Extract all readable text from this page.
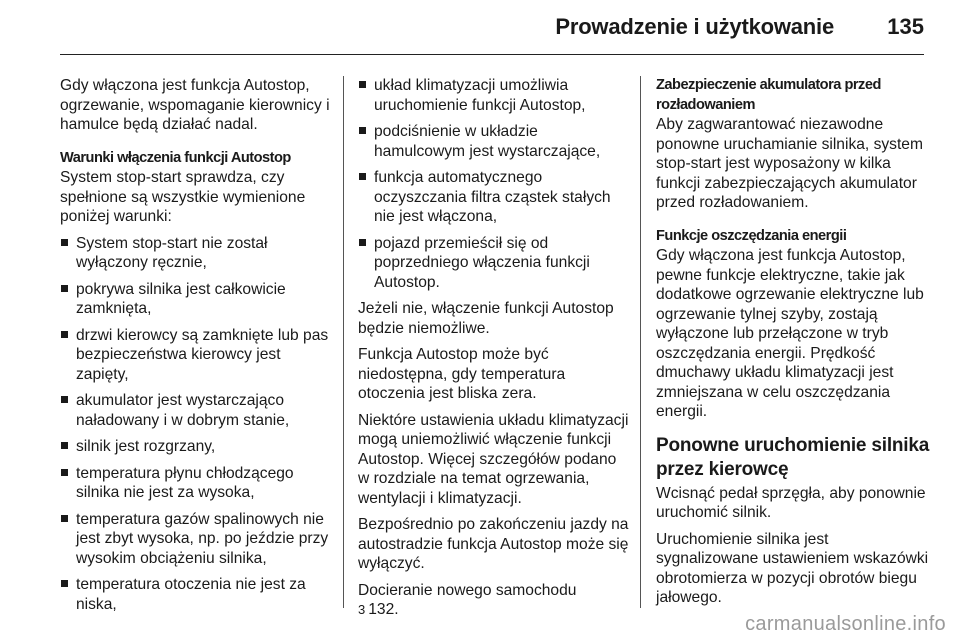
Prowadzenie i użytkowanie 135

Gdy włączona jest funkcja Autostop, ogrzewanie, wspomaganie kierownicy i hamulce będą działać nadal.

Warunki włączenia funkcji Autostop

System stop-start sprawdza, czy spełnione są wszystkie wymienione poniżej warunki:

System stop-start nie został wyłączony ręcznie,
pokrywa silnika jest całkowicie zamknięta,
drzwi kierowcy są zamknięte lub pas bezpieczeństwa kierowcy jest zapięty,
akumulator jest wystarczająco naładowany i w dobrym stanie,
silnik jest rozgrzany,
temperatura płynu chłodzącego silnika nie jest za wysoka,
temperatura gazów spalinowych nie jest zbyt wysoka, np. po jeździe przy wysokim obciążeniu silnika,
temperatura otoczenia nie jest za niska,
układ klimatyzacji umożliwia uruchomienie funkcji Autostop,
podciśnienie w układzie hamulcowym jest wystarczające,
funkcja automatycznego oczyszczania filtra cząstek stałych nie jest włączona,
pojazd przemieścił się od poprzedniego włączenia funkcji Autostop.

Jeżeli nie, włączenie funkcji Autostop będzie niemożliwe.

Funkcja Autostop może być niedostępna, gdy temperatura otoczenia jest bliska zera.

Niektóre ustawienia układu klimatyzacji mogą uniemożliwić włączenie funkcji Autostop. Więcej szczegółów podano w rozdziale na temat ogrzewania, wentylacji i klimatyzacji.

Bezpośrednio po zakończeniu jazdy na autostradzie funkcja Autostop może się wyłączyć.

Docieranie nowego samochodu
3 132.

Zabezpieczenie akumulatora przed rozładowaniem

Aby zagwarantować niezawodne ponowne uruchamianie silnika, system stop-start jest wyposażony w kilka funkcji zabezpieczających akumulator przed rozładowaniem.

Funkcje oszczędzania energii

Gdy włączona jest funkcja Autostop, pewne funkcje elektryczne, takie jak dodatkowe ogrzewanie elektryczne lub ogrzewanie tylnej szyby, zostają wyłączone lub przełączone w tryb oszczędzania energii. Prędkość dmuchawy układu klimatyzacji jest zmniejszana w celu oszczędzania energii.

Ponowne uruchomienie silnika przez kierowcę

Wcisnąć pedał sprzęgła, aby ponownie uruchomić silnik.

Uruchomienie silnika jest sygnalizowane ustawieniem wskazówki obrotomierza w pozycji obrotów biegu jałowego.

carmanualsonline.info
